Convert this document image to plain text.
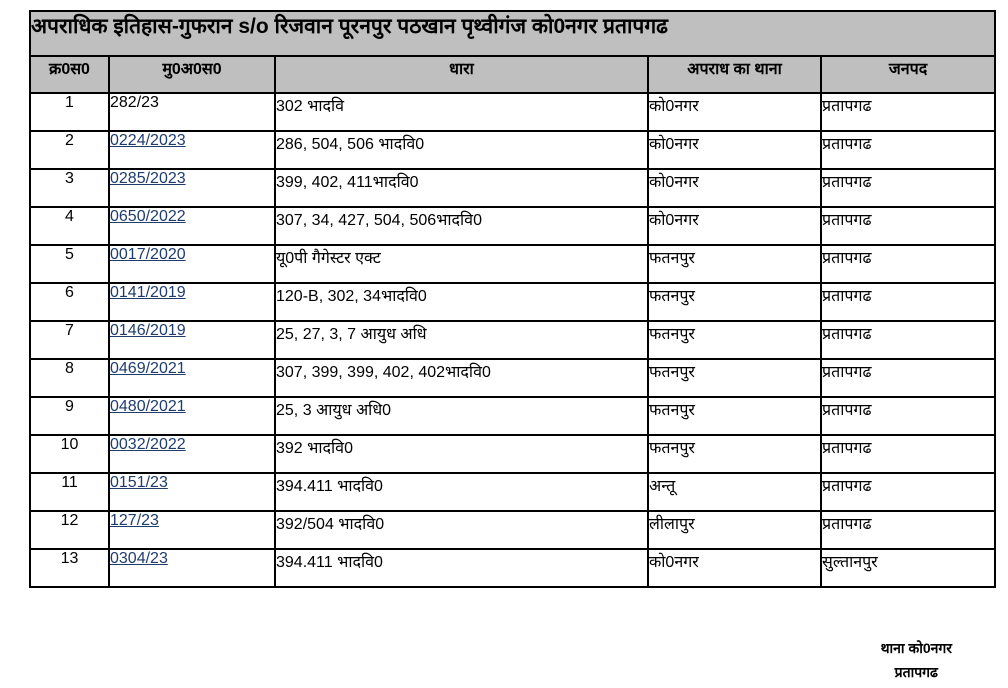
अपराधिक इतिहास-गुफरान s/o रिजवान पूरनपुर पठखान पृथ्वीगंज को0नगर प्रतापगढ				
क्र0स0	मु0अ0स0	धारा	अपराध का थाना	जनपद
1	282/23	302 भादवि	को0नगर	प्रतापगढ
2	0224/2023	286, 504, 506 भादवि0	को0नगर	प्रतापगढ
3	0285/2023	399, 402, 411भादवि0	को0नगर	प्रतापगढ
4	0650/2022	307, 34, 427, 504, 506भादवि0	को0नगर	प्रतापगढ
5	0017/2020	यू0पी गैगेस्टर एक्ट	फतनपुर	प्रतापगढ
6	0141/2019	120-B, 302, 34भादवि0	फतनपुर	प्रतापगढ
7	0146/2019	25, 27, 3, 7 आयुध अधि	फतनपुर	प्रतापगढ
8	0469/2021	307, 399, 399, 402, 402भादवि0	फतनपुर	प्रतापगढ
9	0480/2021	25, 3 आयुध अधि0	फतनपुर	प्रतापगढ
10	0032/2022	392 भादवि0	फतनपुर	प्रतापगढ
11	0151/23	394.411 भादवि0	अन्तू	प्रतापगढ
12	127/23	392/504 भादवि0	लीलापुर	प्रतापगढ
13	0304/23	394.411 भादवि0	को0नगर	सुल्तानपुर
थाना को0नगर
प्रतापगढ
